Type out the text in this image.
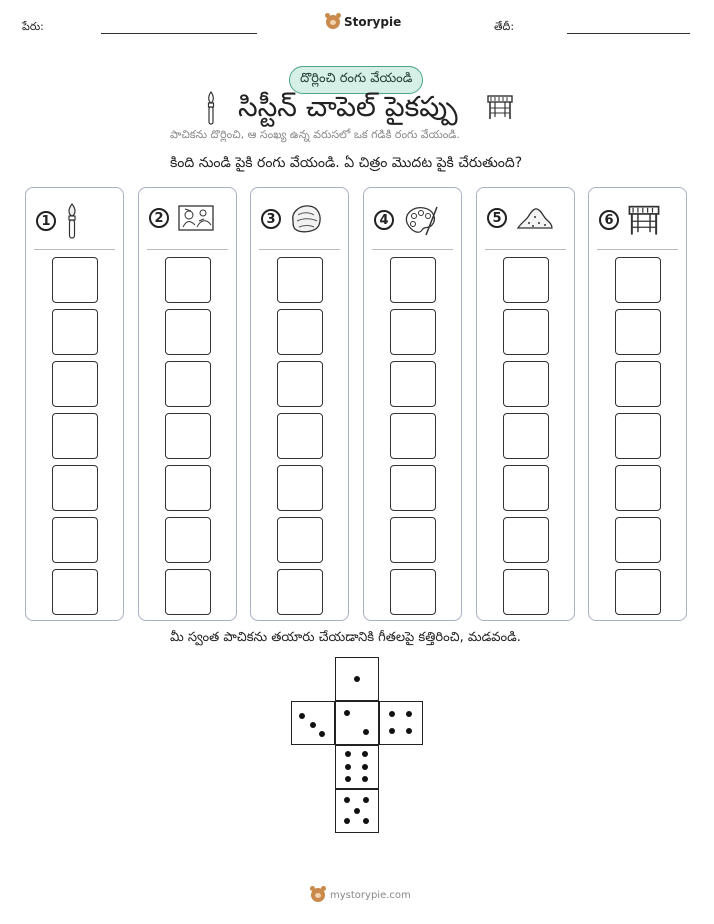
పేరు:	Storypie	తేదీ:
దొర్లించి రంగు వేయండి
సిస్టీన్ చాపెల్ పైకప్పు
పాచికను దొర్లించి, ఆ సంఖ్య ఉన్న వరుసలో ఒక గడికి రంగు వేయండి.
కింది నుండి పైకి రంగు వేయండి. ఏ చిత్రం మొదట పైకి చేరుతుంది?
1	2	3	4	5	6
మీ స్వంత పాచికను తయారు చేయడానికి గీతలపై కత్తిరించి, మడవండి.
mystorypie.com
